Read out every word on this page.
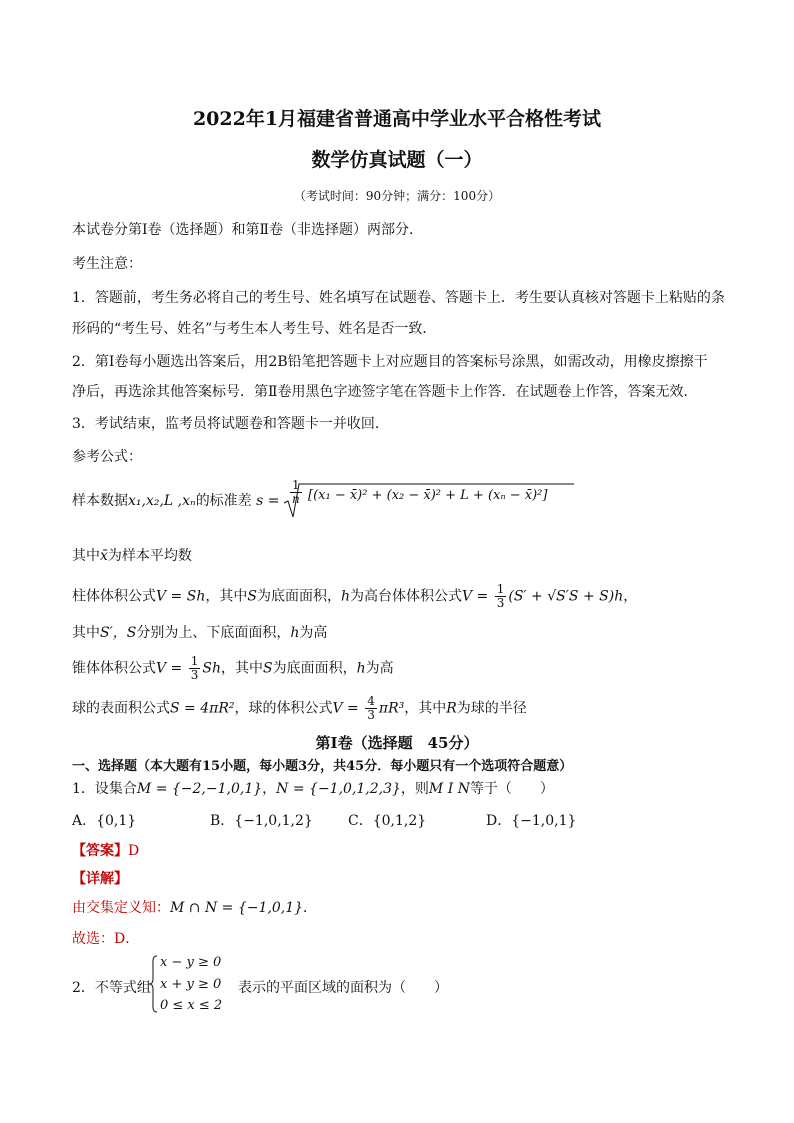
2022年1月福建省普通高中学业水平合格性考试
数学仿真试题（一）
（考试时间：90分钟；满分：100分）
本试卷分第Ⅰ卷（选择题）和第Ⅱ卷（非选择题）两部分．
考生注意：
1．答题前，考生务必将自己的考生号、姓名填写在试题卷、答题卡上．考生要认真核对答题卡上粘贴的条
形码的“考生号、姓名”与考生本人考生号、姓名是否一致．
2．第Ⅰ卷每小题选出答案后，用2B铅笔把答题卡上对应题目的答案标号涂黑，如需改动，用橡皮擦擦干
净后，再选涂其他答案标号．第Ⅱ卷用黑色字迹签字笔在答题卡上作答．在试题卷上作答，答案无效．
3．考试结束，监考员将试题卷和答题卡一并收回．
参考公式：
样本数据x₁,x₂,L ,xₙ的标准差 $s = \frac{1}{n} [(x_1$ − x̄)² + (x₂ − x̄)² + L + (xₙ − x̄)²]
其中x̄为样本平均数
柱体体积公式V = Sh，其中S为底面面积，h为高台体体积公式$V = \frac{1}{3} (S' + √S'S + S)h$，
其中S′，S分别为上、下底面面积，h为高
锥体体积公式$V = \frac{1}{3}$ Sh，其中S为底面面积，h为高
球的表面积公式S = 4πR²，球的体积公式$V = \frac{4}{3} \pi R^3$，其中R为球的半径
第Ⅰ卷（选择题　45分）
一、选择题（本大题有15小题，每小题3分，共45分．每小题只有一个选项符合题意）
1．设集合M = {−2,−1,0,1}，N = {−1,0,1,2,3}，则M I N等于（　　）
A．{0,1}	B．{−1,0,1,2}	C．{0,1,2}	D．{−1,0,1}
【答案】D
【详解】
由交集定义知：M ∩ N = {−1,0,1}．
故选：D．
2．不等式组
x − y ≥ 0
x + y ≥ 0
0 ≤ x ≤ 2
表示的平面区域的面积为（　　）
